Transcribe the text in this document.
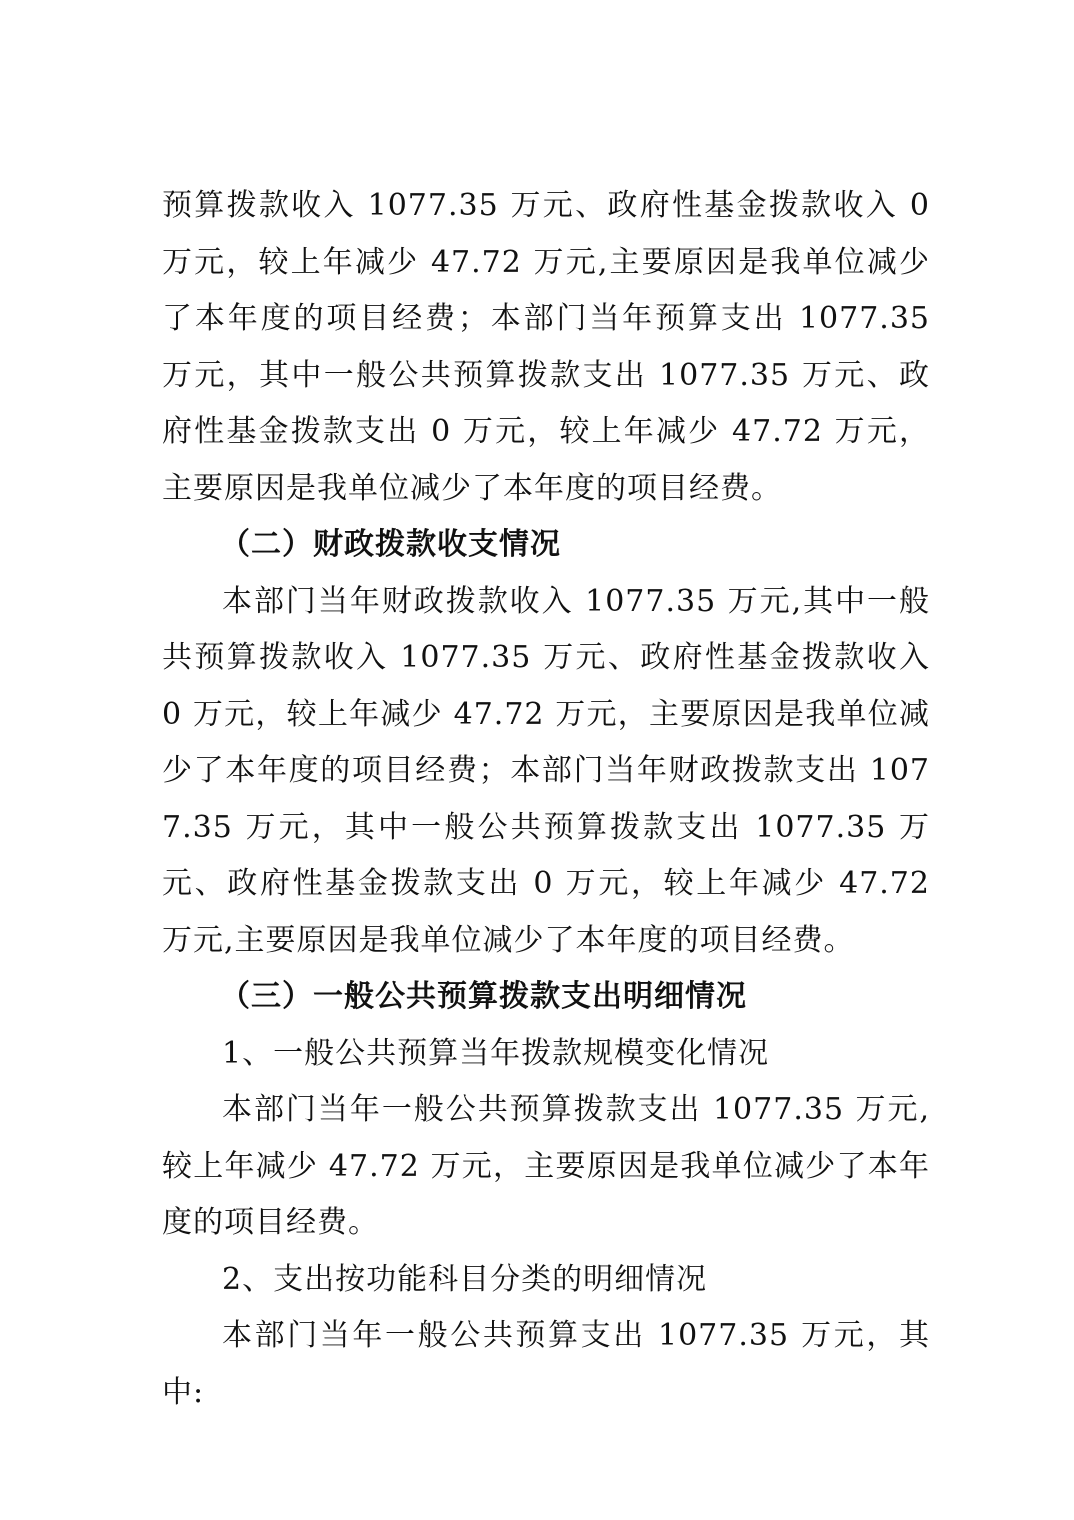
预算拨款收入 1077.35 万元、政府性基金拨款收入 0 万元，较上年减少 47.72 万元,主要原因是我单位减少了本年度的项目经费；本部门当年预算支出 1077.35 万元，其中一般公共预算拨款支出 1077.35 万元、政府性基金拨款支出 0 万元，较上年减少 47.72 万元，主要原因是我单位减少了本年度的项目经费。

（二）财政拨款收支情况

本部门当年财政拨款收入 1077.35 万元,其中一般共预算拨款收入 1077.35 万元、政府性基金拨款收入 0 万元，较上年减少 47.72 万元，主要原因是我单位减少了本年度的项目经费；本部门当年财政拨款支出 1077.35 万元，其中一般公共预算拨款支出 1077.35 万元、政府性基金拨款支出 0 万元，较上年减少 47.72 万元,主要原因是我单位减少了本年度的项目经费。

（三）一般公共预算拨款支出明细情况

1、一般公共预算当年拨款规模变化情况

本部门当年一般公共预算拨款支出 1077.35 万元,较上年减少 47.72 万元，主要原因是我单位减少了本年度的项目经费。

2、支出按功能科目分类的明细情况

本部门当年一般公共预算支出 1077.35 万元，其中:
